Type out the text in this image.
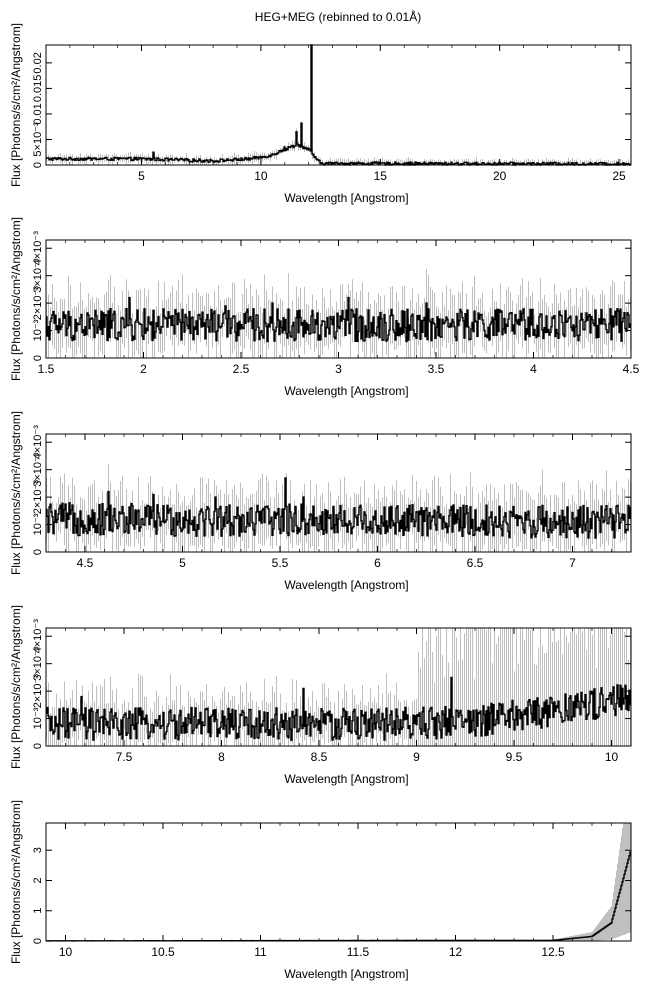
HEG+MEG (rebinned to 0.01Å)
5	10	15	20	25
0
5×10⁻³
0.01
0.015
0.02
Wavelength [Angstrom]
Flux [Photons/s/cm²/Angstrom]
1.5	2	2.5	3	3.5	4	4.5
0
10⁻³
2×10⁻³
3×10⁻³
4×10⁻³
Wavelength [Angstrom]
Flux [Photons/s/cm²/Angstrom]
4.5	5	5.5	6	6.5	7
0
10⁻³
2×10⁻³
3×10⁻³
4×10⁻³
Wavelength [Angstrom]
Flux [Photons/s/cm²/Angstrom]
7.5	8	8.5	9	9.5	10
0
10⁻³
2×10⁻³
3×10⁻³
4×10⁻³
Wavelength [Angstrom]
Flux [Photons/s/cm²/Angstrom]
10	10.5	11	11.5	12	12.5
0
1
2
3
Wavelength [Angstrom]
Flux [Photons/s/cm²/Angstrom]
